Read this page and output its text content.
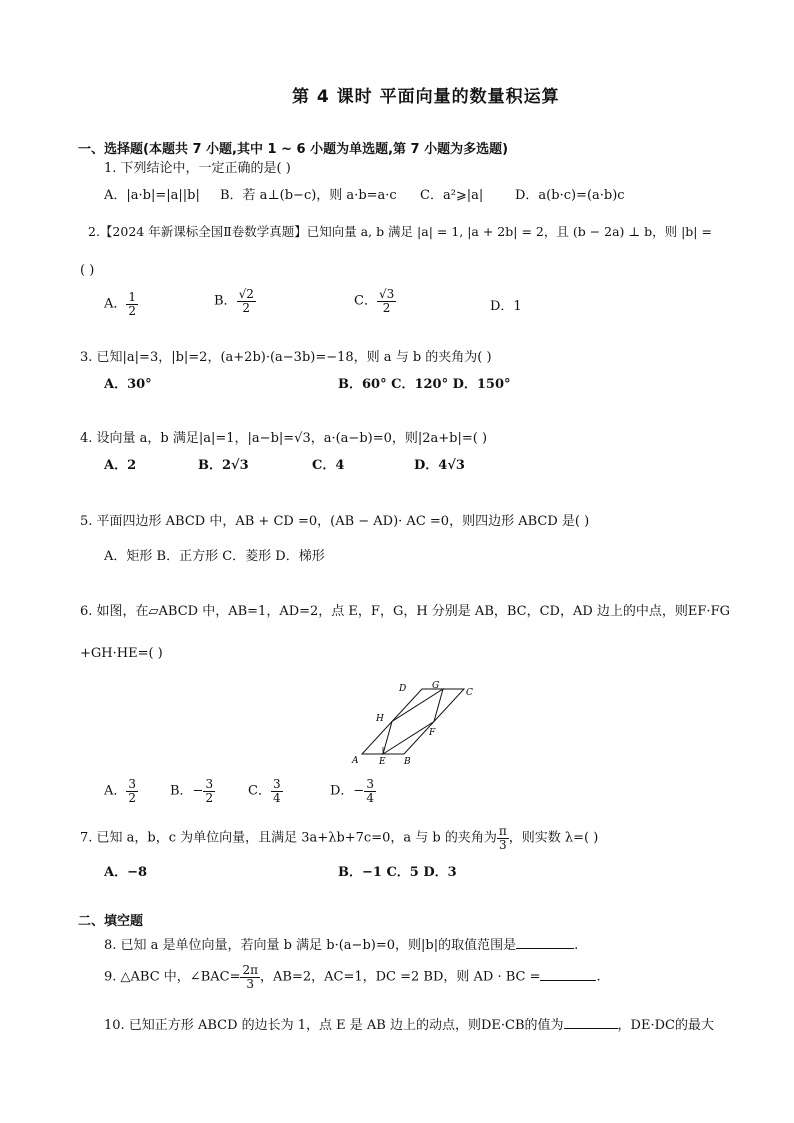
第 4 课时 平面向量的数量积运算
一、选择题(本题共 7 小题,其中 1 ~ 6 小题为单选题,第 7 小题为多选题)
1. 下列结论中，一定正确的是( )
A．|a·b|=|a||b| B．若 a⊥(b−c)，则 a·b=a·c C．a²⩾|a| D．a(b·c)=(a·b)c
2.【2024 年新课标全国Ⅱ卷数学真题】已知向量 a, b 满足 |a| = 1, |a + 2b| = 2，且 (b − 2a) ⊥ b，则 |b| =
( )
A． $\frac{1}{2}$	B． $\frac{√2}{2}$	C． $\frac{√3}{2}$	D．1
3. 已知|a|=3，|b|=2，(a+2b)·(a−3b)=−18，则 a 与 b 的夹角为( )
A．30°	B．60° C．120° D．150°
4. 设向量 a，b 满足|a|=1，|a−b|=√3，a·(a−b)=0，则|2a+b|=( )
A．2	B．2√3	C．4	D．4√3
5. 平面四边形 ABCD 中，AB + CD =0，(AB − AD)· AC =0，则四边形 ABCD 是( )
A．矩形 B．正方形 C．菱形 D．梯形
6. 如图，在▱ABCD 中，AB=1，AD=2，点 E，F，G，H 分别是 AB，BC，CD，AD 边上的中点，则EF·FG
+GH·HE=( )
A	B
C
D
E
F
G
H
A． $\frac{3}{2}$ B．− $\frac{3}{2}$	C． $\frac{3}{4}$	D．− $\frac{3}{4}$
7. 已知 a，b，c 为单位向量，且满足 3a+λb+7c=0，a 与 b 的夹角为 $\frac{\pi}{3}$ ，则实数 λ=( )
A．−8	B．−1 C．5 D．3
二、填空题
8. 已知 a 是单位向量，若向量 b 满足 b·(a−b)=0，则|b|的取值范围是	.
9. △ABC 中，∠BAC= $\frac{2\pi}{3}$ ，AB=2，AC=1，DC =2 BD，则 AD · BC =	.
10. 已知正方形 ABCD 的边长为 1，点 E 是 AB 边上的动点，则DE·CB的值为	，DE·DC的最大
